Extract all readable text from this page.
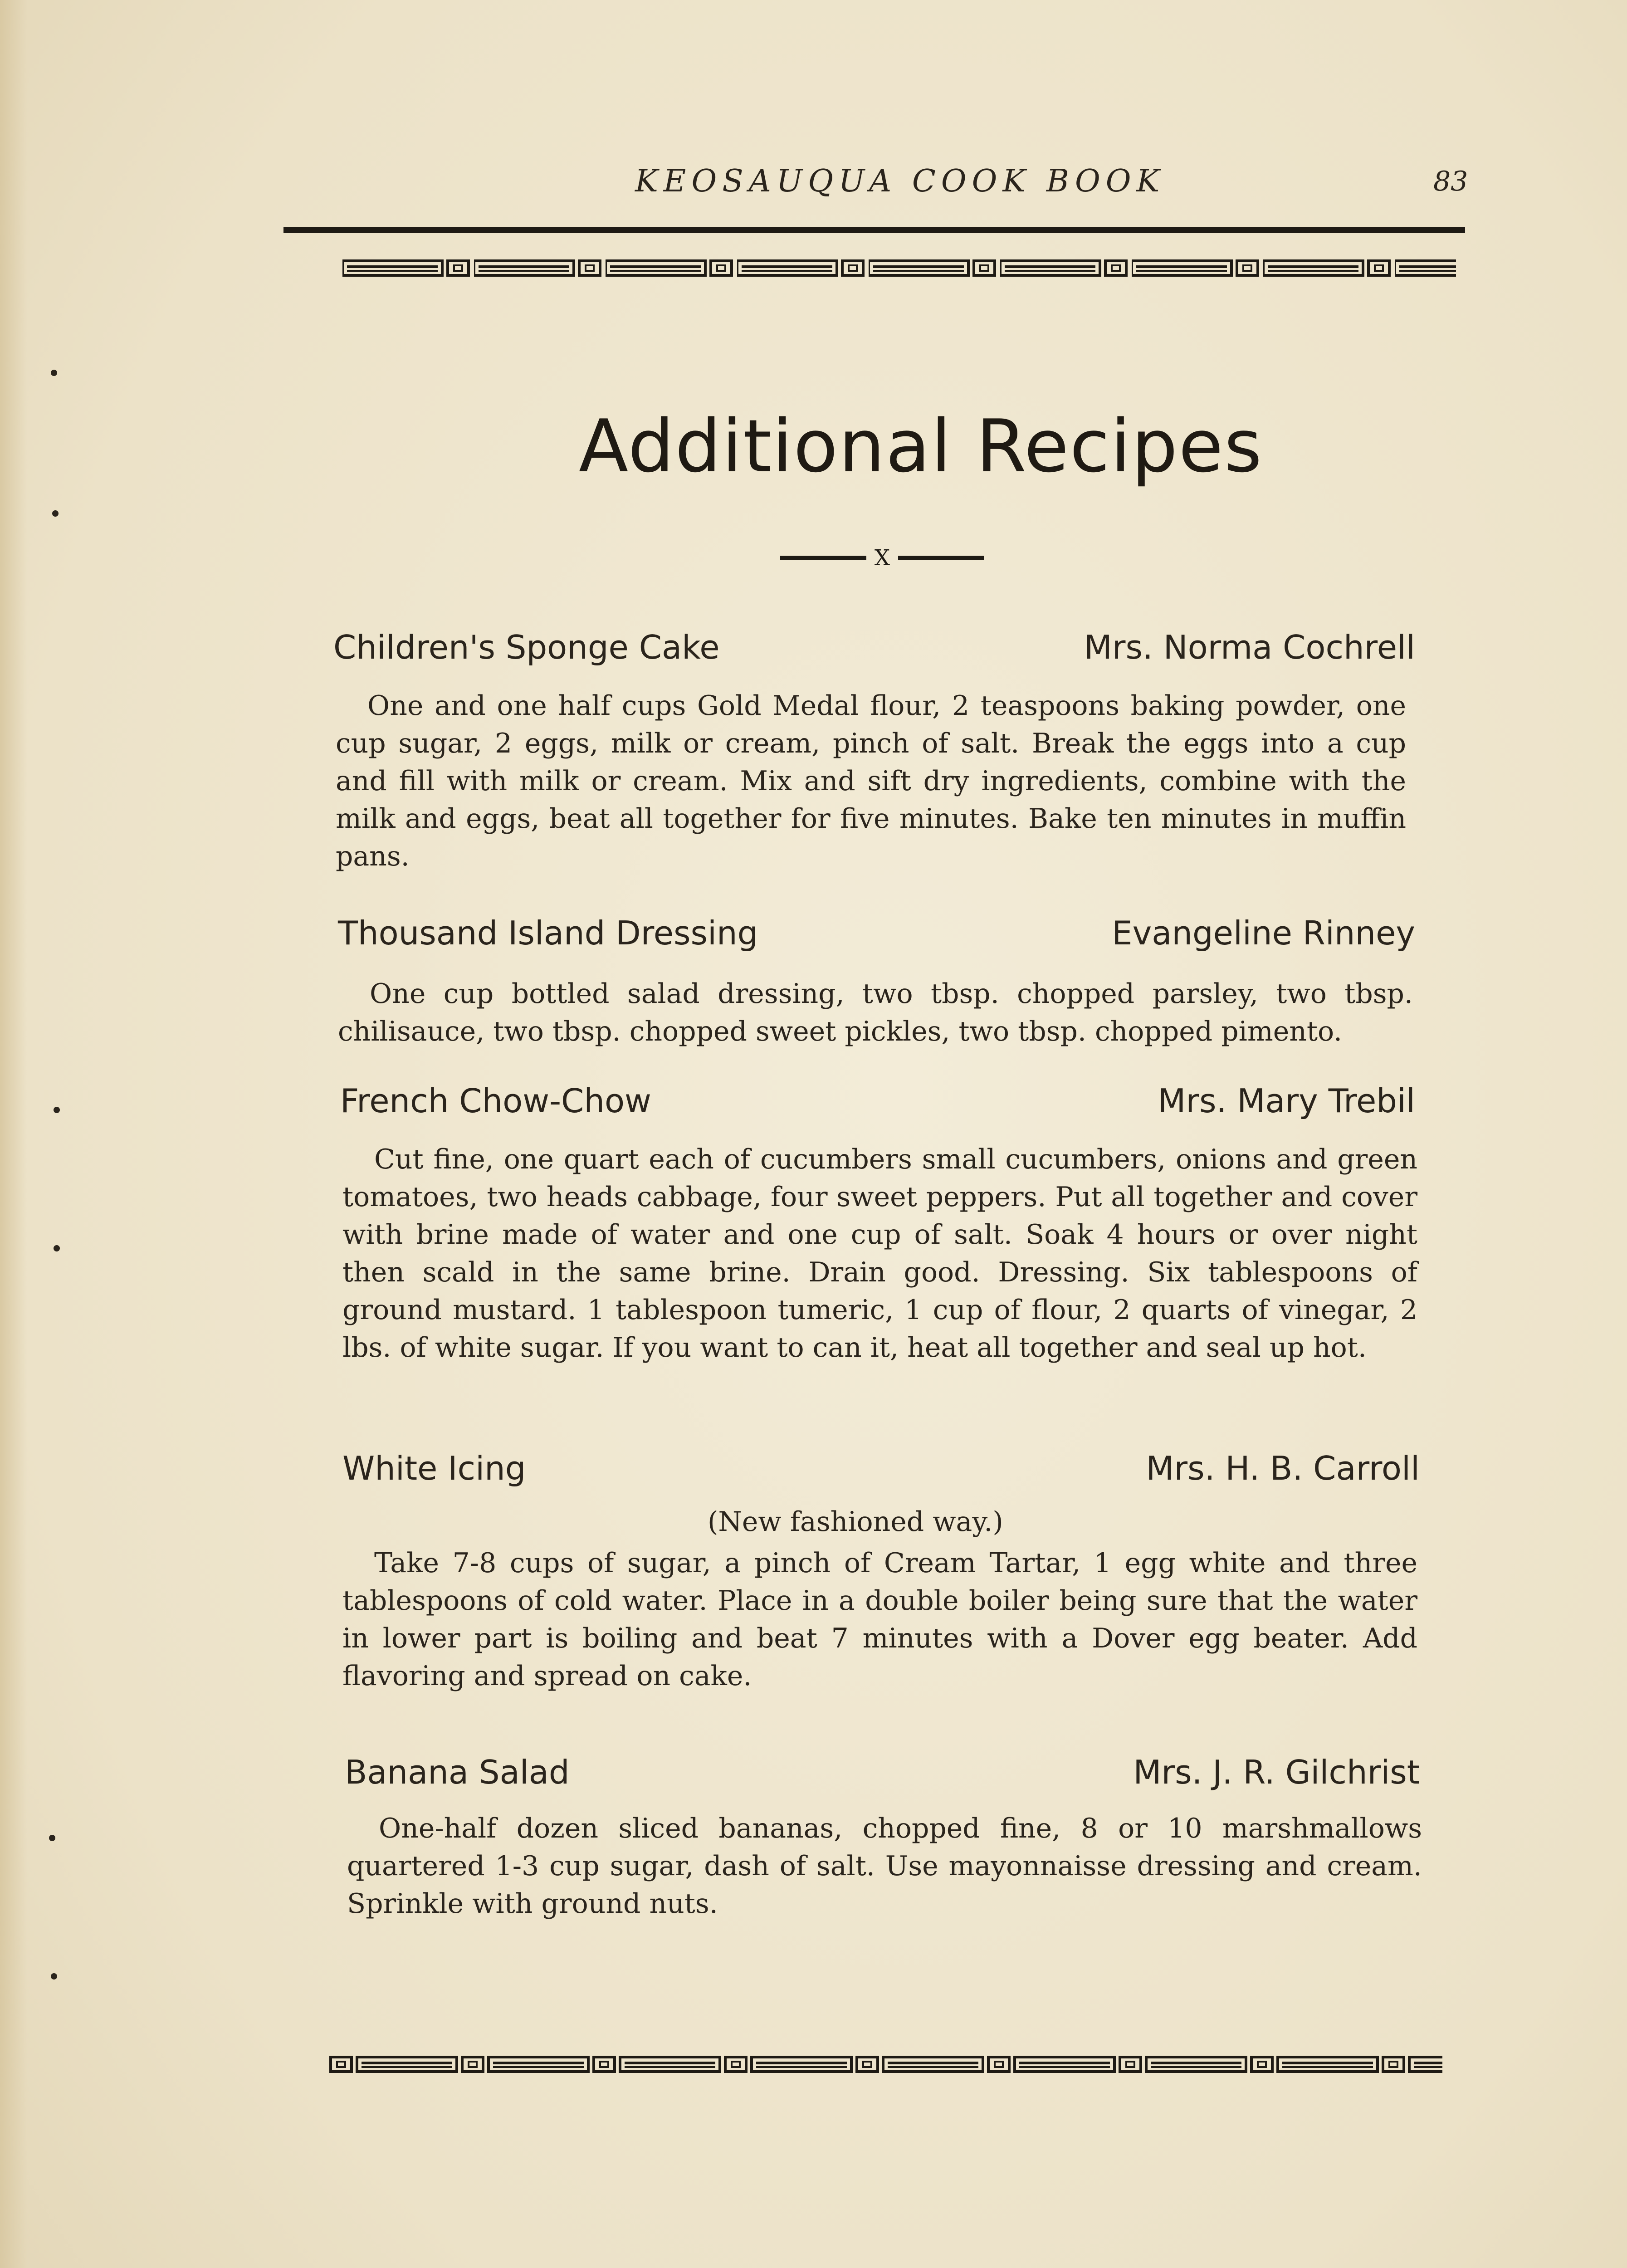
KEOSAUQUA COOK BOOK	83
Additional Recipes
X
Children's Sponge Cake	Mrs. Norma Cochrell

One and one half cups Gold Medal flour, 2 teaspoons baking powder, one cup sugar, 2 eggs, milk or cream, pinch of salt. Break the eggs into a cup and fill with milk or cream. Mix and sift dry ingredients, combine with the milk and eggs, beat all together for five minutes. Bake ten minutes in muffin pans.

Thousand Island Dressing	Evangeline Rinney

One cup bottled salad dressing, two tbsp. chopped parsley, two tbsp. chilisauce, two tbsp. chopped sweet pickles, two tbsp. chopped pimento.

French Chow-Chow	Mrs. Mary Trebil

Cut fine, one quart each of cucumbers small cucumbers, onions and green tomatoes, two heads cabbage, four sweet peppers. Put all together and cover with brine made of water and one cup of salt. Soak 4 hours or over night then scald in the same brine. Drain good. Dressing. Six tablespoons of ground mustard. 1 tablespoon tumeric, 1 cup of flour, 2 quarts of vinegar, 2 lbs. of white sugar. If you want to can it, heat all together and seal up hot.

White Icing	Mrs. H. B. Carroll
(New fashioned way.)

Take 7-8 cups of sugar, a pinch of Cream Tartar, 1 egg white and three tablespoons of cold water. Place in a double boiler being sure that the water in lower part is boiling and beat 7 minutes with a Dover egg beater. Add flavoring and spread on cake.

Banana Salad	Mrs. J. R. Gilchrist

One-half dozen sliced bananas, chopped fine, 8 or 10 marshmallows quartered 1-3 cup sugar, dash of salt. Use mayonnaisse dressing and cream. Sprinkle with ground nuts.
